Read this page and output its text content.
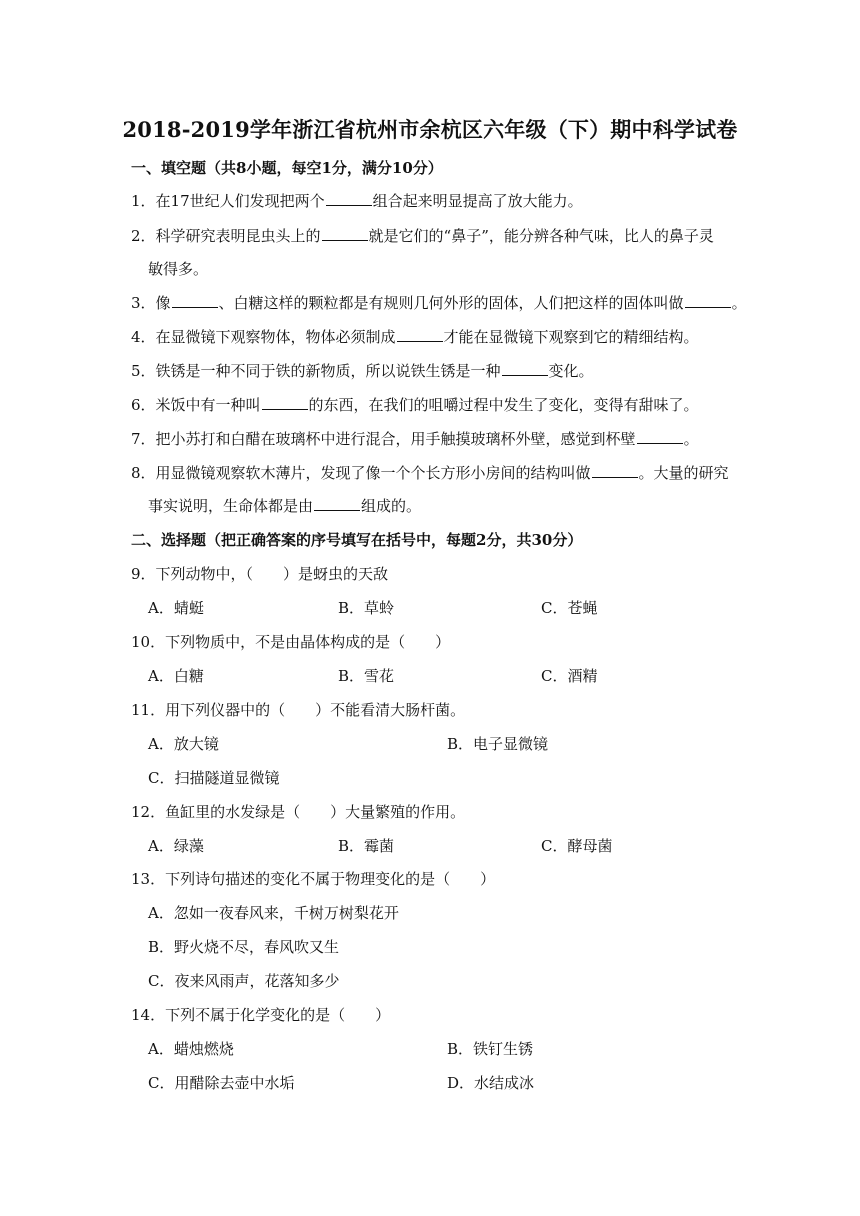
2018-2019学年浙江省杭州市余杭区六年级（下）期中科学试卷
一、填空题（共8小题，每空1分，满分10分）
1．在17世纪人们发现把两个	组合起来明显提高了放大能力。
2．科学研究表明昆虫头上的	就是它们的“鼻子”，能分辨各种气味，比人的鼻子灵
敏得多。
3．像	、白糖这样的颗粒都是有规则几何外形的固体，人们把这样的固体叫做	。
4．在显微镜下观察物体，物体必须制成	才能在显微镜下观察到它的精细结构。
5．铁锈是一种不同于铁的新物质，所以说铁生锈是一种	变化。
6．米饭中有一种叫	的东西，在我们的咀嚼过程中发生了变化，变得有甜味了。
7．把小苏打和白醋在玻璃杯中进行混合，用手触摸玻璃杯外壁，感觉到杯壁	。
8．用显微镜观察软木薄片，发现了像一个个长方形小房间的结构叫做	。大量的研究
事实说明，生命体都是由	组成的。
二、选择题（把正确答案的序号填写在括号中，每题2分，共30分）
9．下列动物中，（　　）是蚜虫的天敌
A．蜻蜓	B．草蛉	C．苍蝇
10．下列物质中，不是由晶体构成的是（　　）
A．白糖	B．雪花	C．酒精
11．用下列仪器中的（　　）不能看清大肠杆菌。
A．放大镜	B．电子显微镜
C．扫描隧道显微镜
12．鱼缸里的水发绿是（　　）大量繁殖的作用。
A．绿藻	B．霉菌	C．酵母菌
13．下列诗句描述的变化不属于物理变化的是（　　）
A．忽如一夜春风来，千树万树梨花开
B．野火烧不尽，春风吹又生
C．夜来风雨声，花落知多少
14．下列不属于化学变化的是（　　）
A．蜡烛燃烧	B．铁钉生锈
C．用醋除去壶中水垢	D．水结成冰
